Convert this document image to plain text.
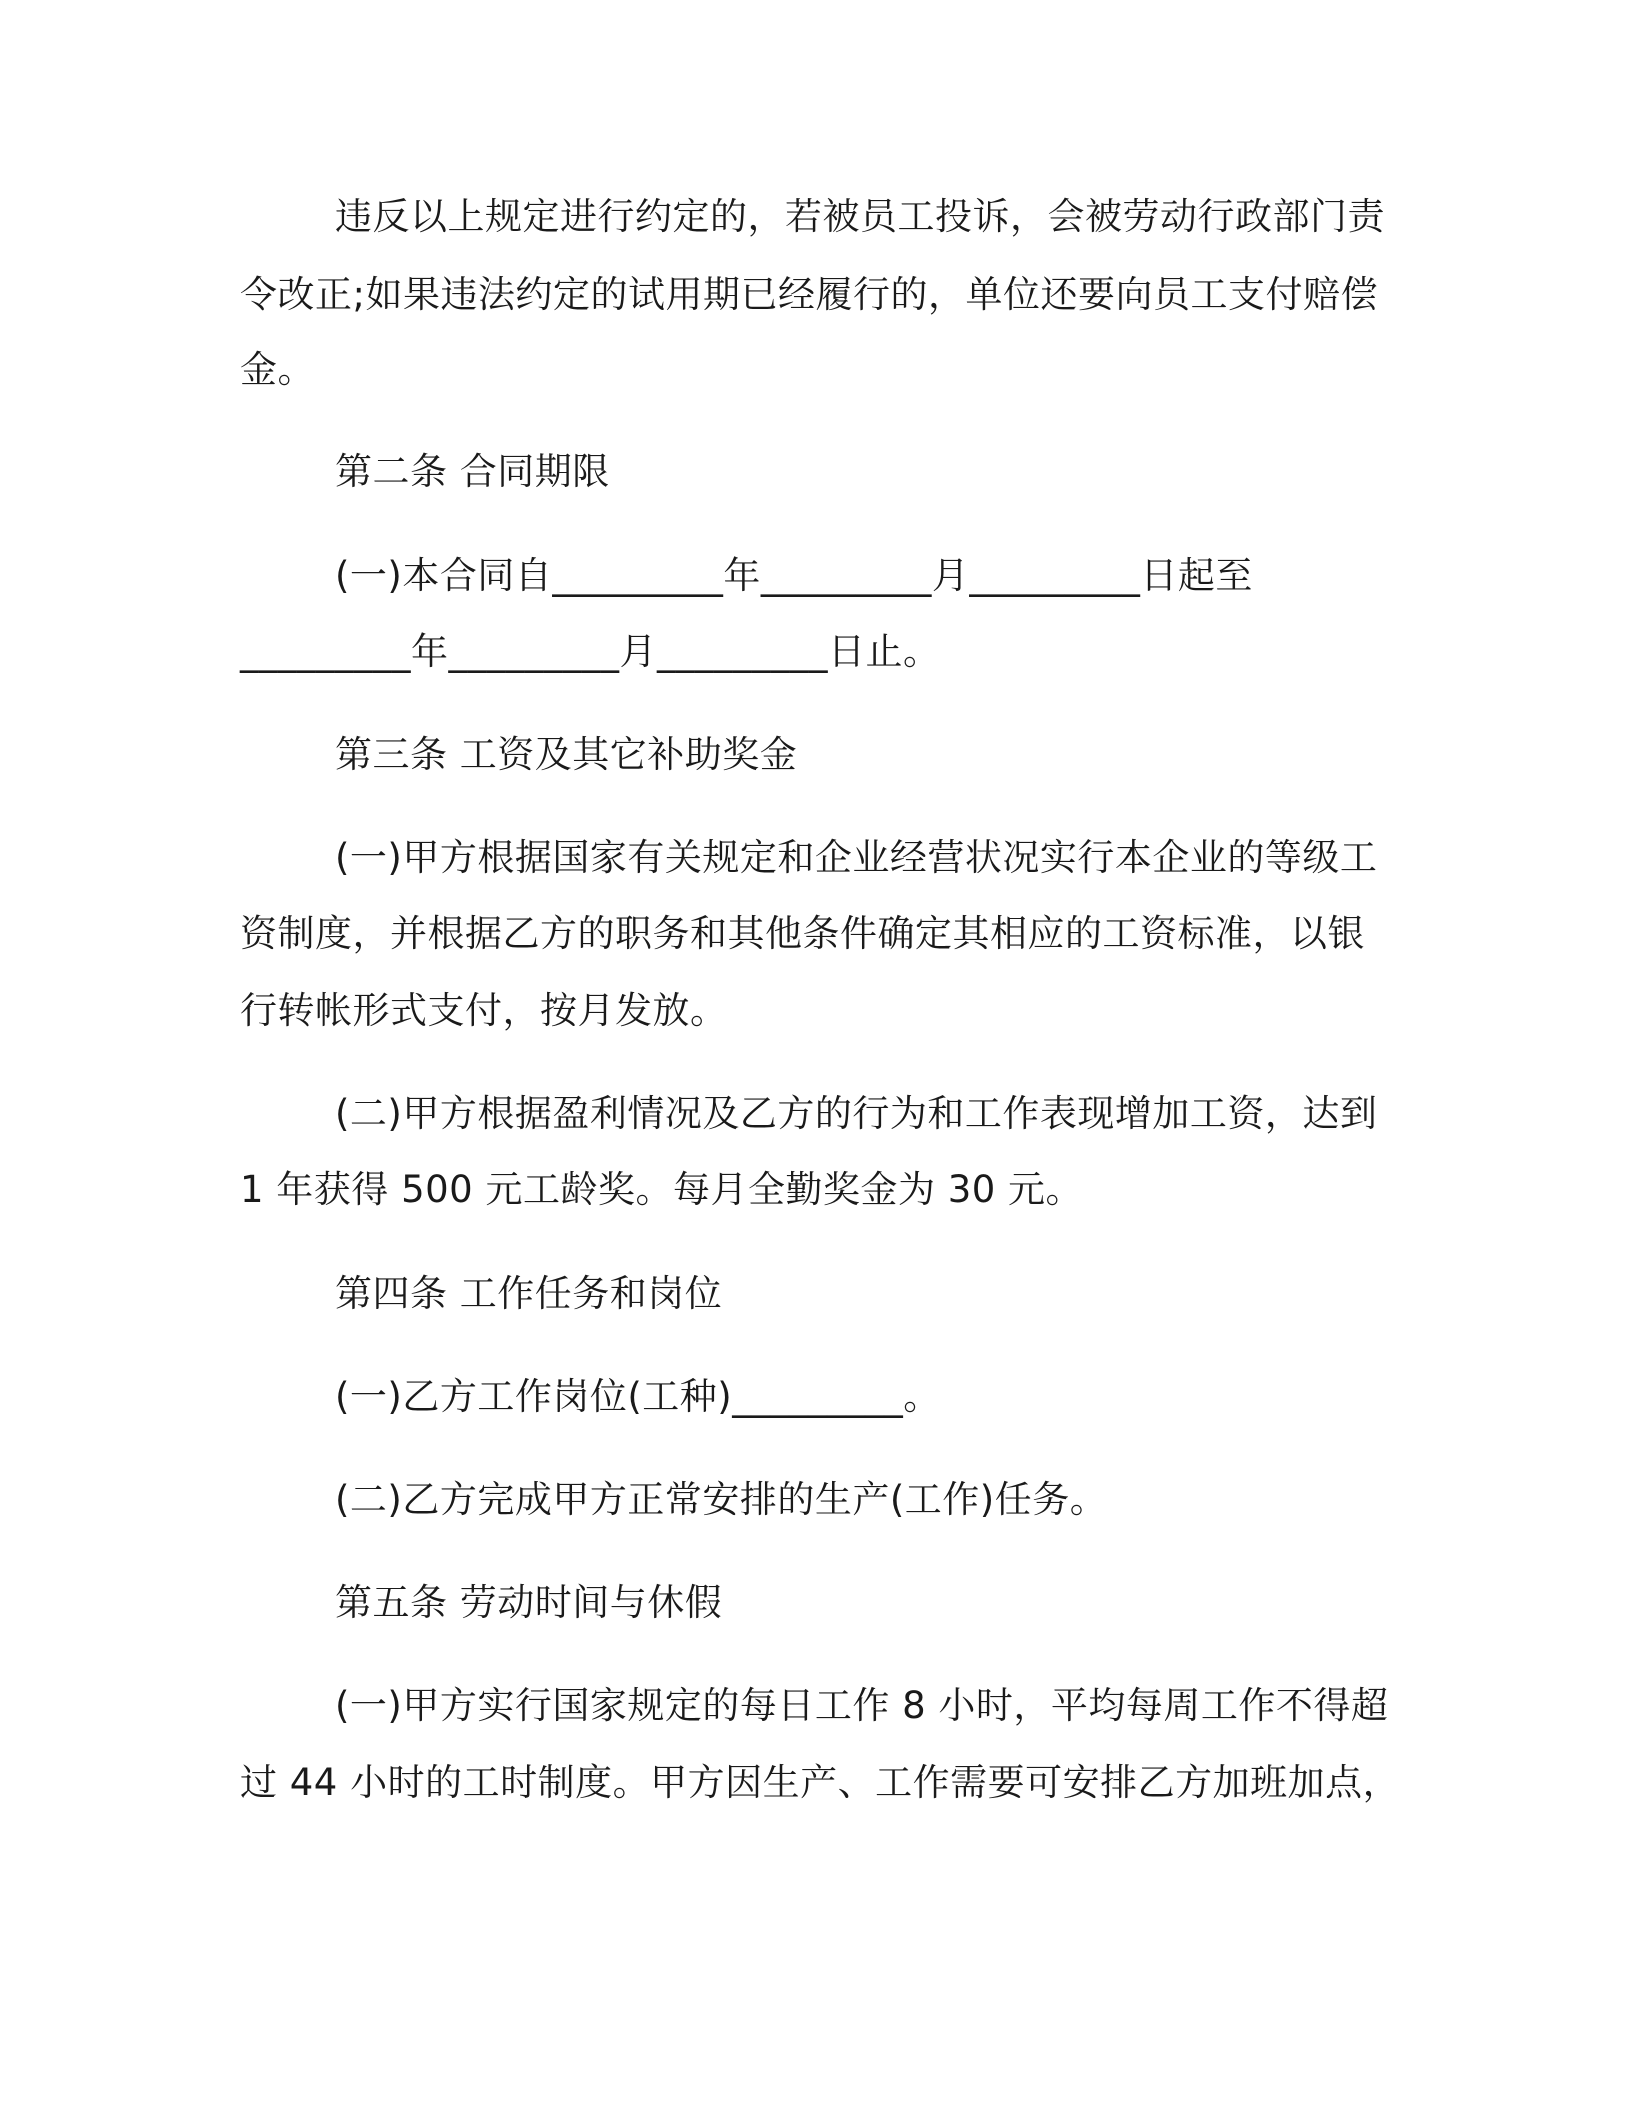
违反以上规定进行约定的，若被员工投诉，会被劳动行政部门责
令改正;如果违法约定的试用期已经履行的，单位还要向员工支付赔偿
金。
第二条 合同期限
(一)本合同自_________年_________月_________日起至
_________年_________月_________日止。
第三条 工资及其它补助奖金
(一)甲方根据国家有关规定和企业经营状况实行本企业的等级工
资制度，并根据乙方的职务和其他条件确定其相应的工资标准，以银
行转帐形式支付，按月发放。
(二)甲方根据盈利情况及乙方的行为和工作表现增加工资，达到
1 年获得 500 元工龄奖。每月全勤奖金为 30 元。
第四条 工作任务和岗位
(一)乙方工作岗位(工种)_________。
(二)乙方完成甲方正常安排的生产(工作)任务。
第五条 劳动时间与休假
(一)甲方实行国家规定的每日工作 8 小时，平均每周工作不得超
过 44 小时的工时制度。甲方因生产、工作需要可安排乙方加班加点，
